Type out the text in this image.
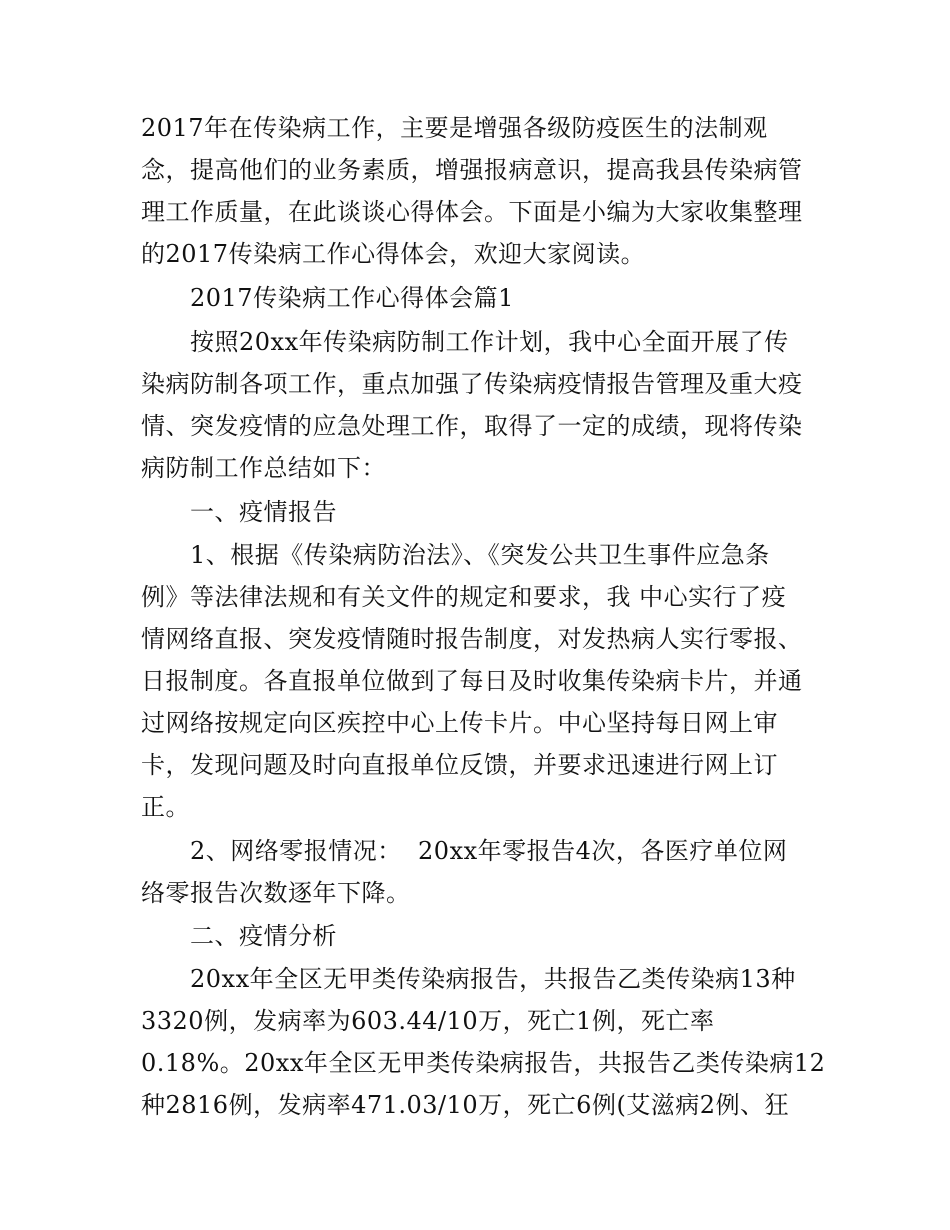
2017年在传染病工作，主要是增强各级防疫医生的法制观
念，提高他们的业务素质，增强报病意识，提高我县传染病管
理工作质量，在此谈谈心得体会。下面是小编为大家收集整理
的2017传染病工作心得体会，欢迎大家阅读。
2017传染病工作心得体会篇1
按照20xx年传染病防制工作计划，我中心全面开展了传
染病防制各项工作，重点加强了传染病疫情报告管理及重大疫
情、突发疫情的应急处理工作，取得了一定的成绩，现将传染
病防制工作总结如下：
一、疫情报告
1、根据《传染病防治法》、《突发公共卫生事件应急条
例》等法律法规和有关文件的规定和要求，我 中心实行了疫
情网络直报、突发疫情随时报告制度，对发热病人实行零报、
日报制度。各直报单位做到了每日及时收集传染病卡片，并通
过网络按规定向区疾控中心上传卡片。中心坚持每日网上审
卡，发现问题及时向直报单位反馈，并要求迅速进行网上订
正。
2、网络零报情况：  20xx年零报告4次，各医疗单位网
络零报告次数逐年下降。
二、疫情分析
20xx年全区无甲类传染病报告，共报告乙类传染病13种
3320例，发病率为603.44/10万，死亡1例，死亡率
0.18%。20xx年全区无甲类传染病报告，共报告乙类传染病12
种2816例，发病率471.03/10万，死亡6例(艾滋病2例、狂
